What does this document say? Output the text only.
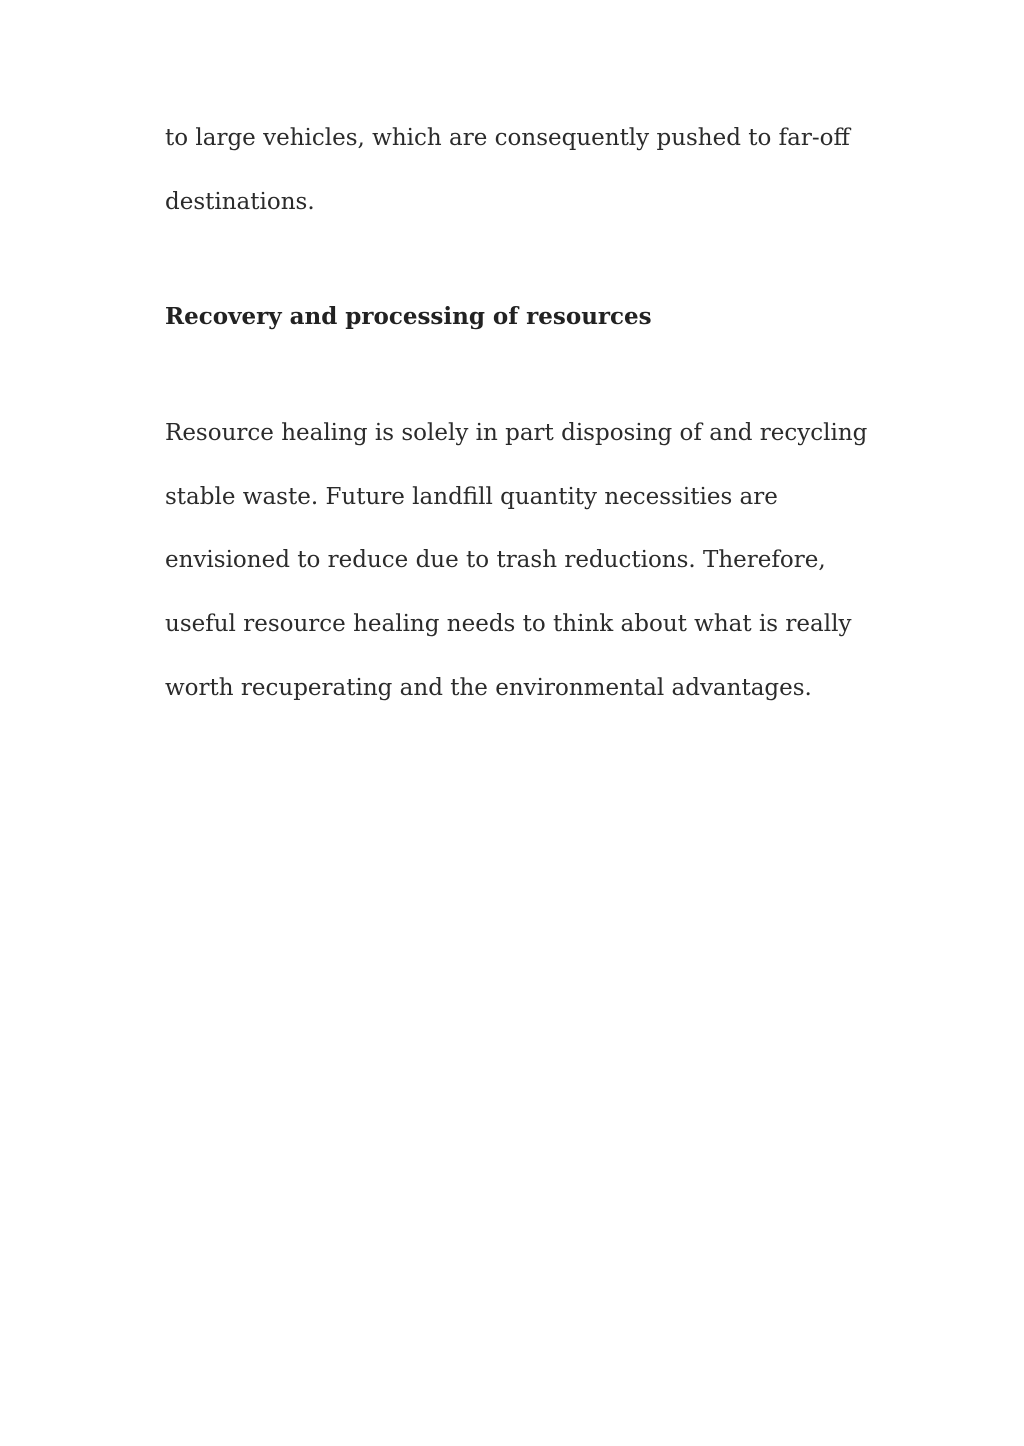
to large vehicles, which are consequently pushed to far-off

destinations.

Recovery and processing of resources

Resource healing is solely in part disposing of and recycling

stable waste. Future landfill quantity necessities are

envisioned to reduce due to trash reductions. Therefore,

useful resource healing needs to think about what is really

worth recuperating and the environmental advantages.
